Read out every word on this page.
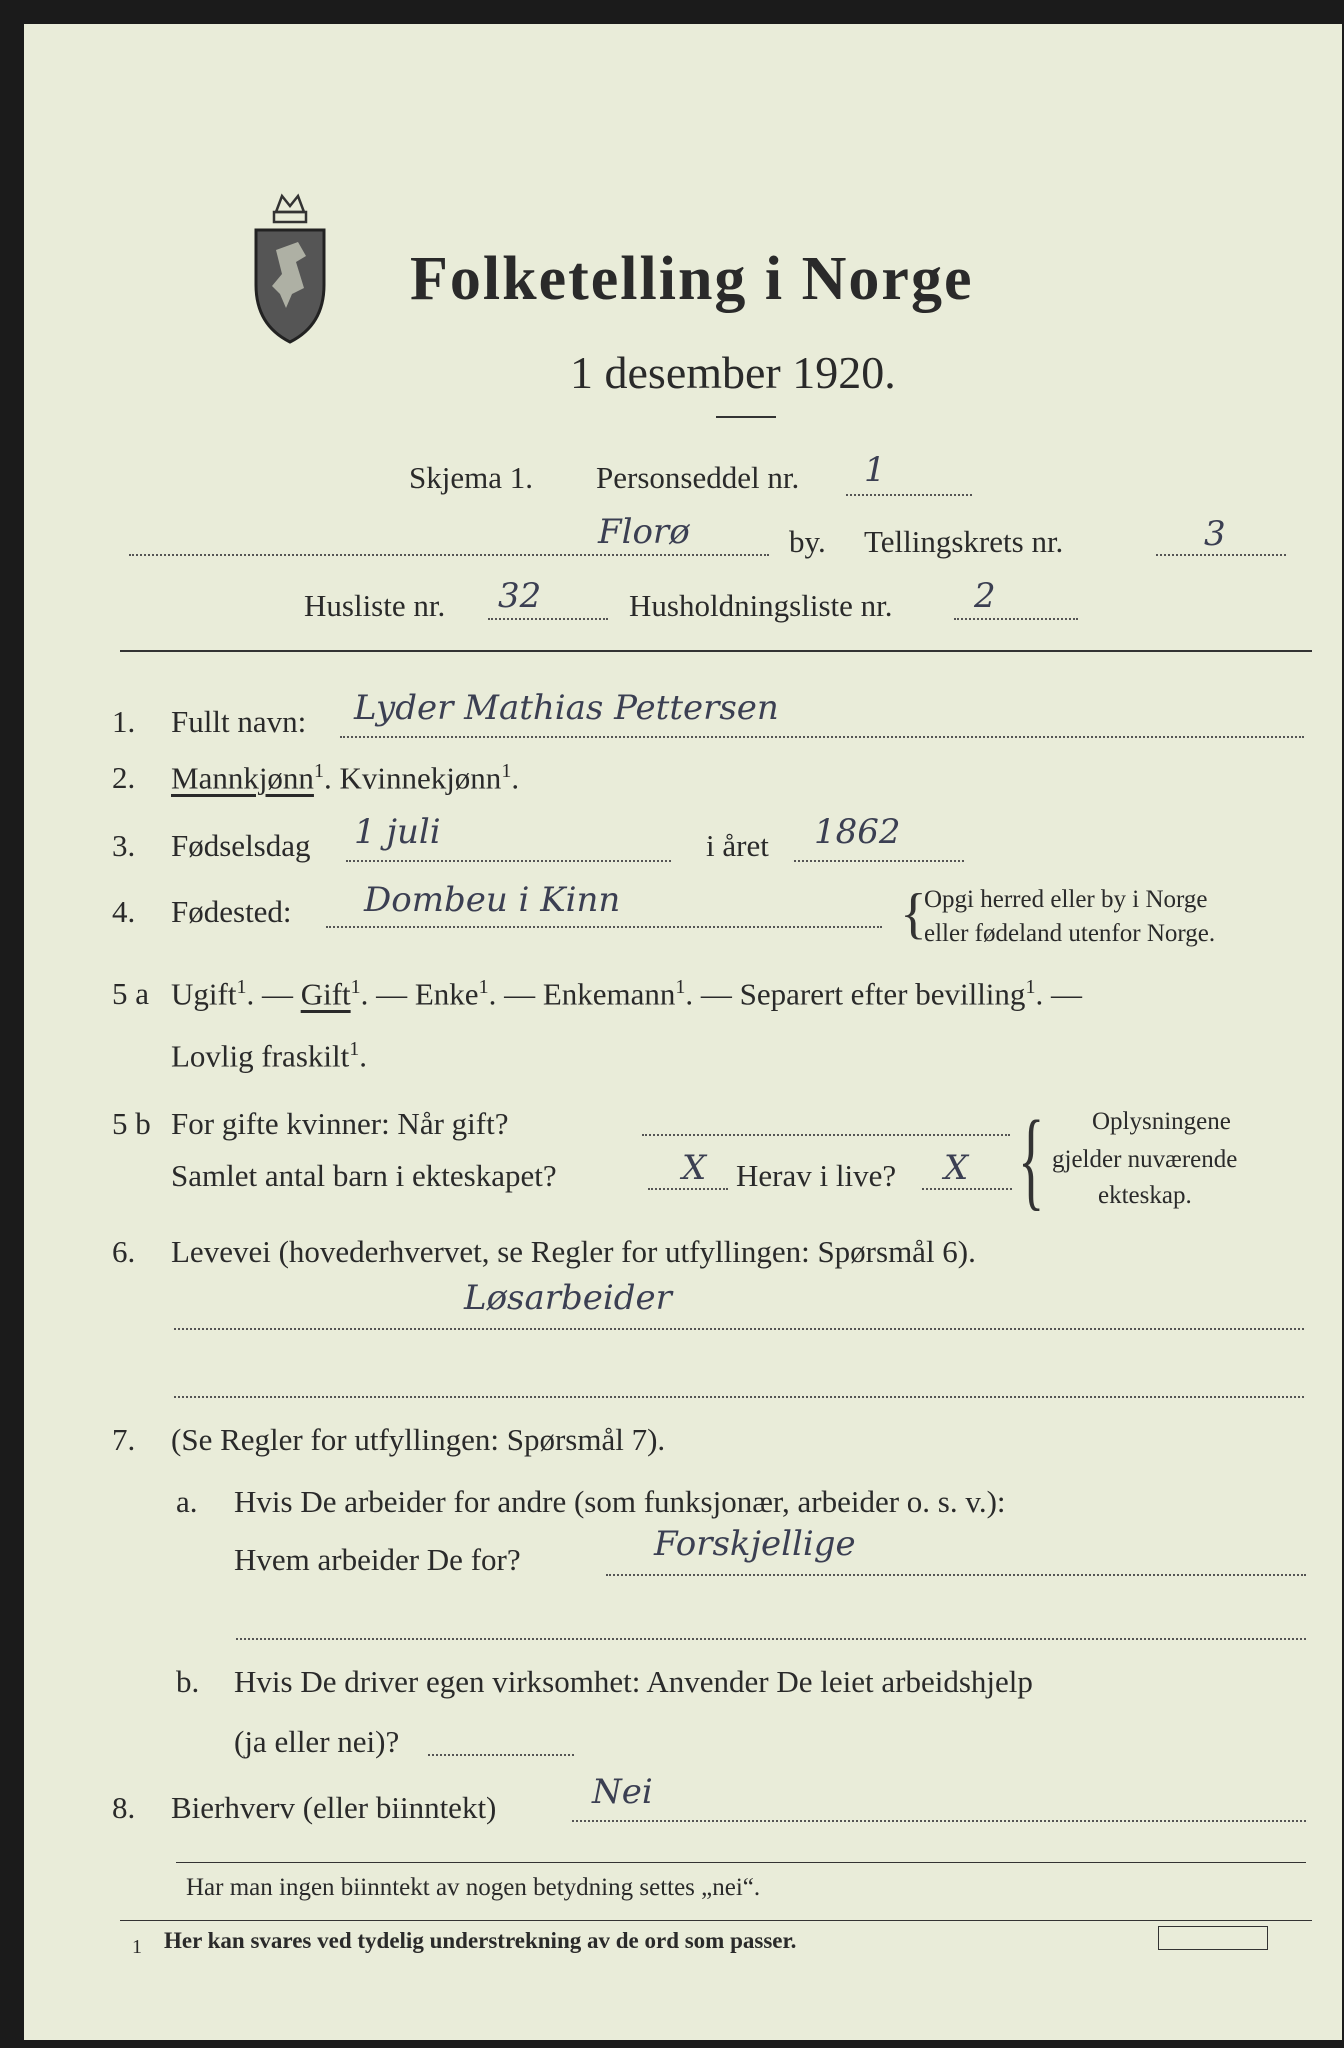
Folketelling i Norge
1 desember 1920.
Skjema 1. Personseddel nr. 1
Florø	by. Tellingskrets nr.	3
Husliste nr. 32	Husholdningsliste nr. 2
1. Fullt navn: Lyder Mathias Pettersen
2. Mannkjønn$^1$. Kvinnekjønn$^1$.
3. Fødselsdag 1 juli	i året 1862
4. Fødested: Dombeu i Kinn	{
Opgi herred eller by i Norge
eller fødeland utenfor Norge.
5 a Ugift$^1$. — Gift$^1$. — Enke$^1$. — Enkemann$^1$. — Separert efter bevilling$^1$. —
Lovlig fraskilt$^1$.
5 b For gifte kvinner: Når gift?
Samlet antal barn i ekteskapet?	X Herav i live? X { Oplysningene
gjelder nuværende
ekteskap.
6. Levevei (hovederhvervet, se Regler for utfyllingen: Spørsmål 6).
Løsarbeider
7. (Se Regler for utfyllingen: Spørsmål 7).
a. Hvis De arbeider for andre (som funksjonær, arbeider o. s. v.):
Hvem arbeider De for?	Forskjellige
b. Hvis De driver egen virksomhet: Anvender De leiet arbeidshjelp
(ja eller nei)?
8. Bierhverv (eller biinntekt)	Nei
Har man ingen biinntekt av nogen betydning settes „nei“.
1 Her kan svares ved tydelig understrekning av de ord som passer.
